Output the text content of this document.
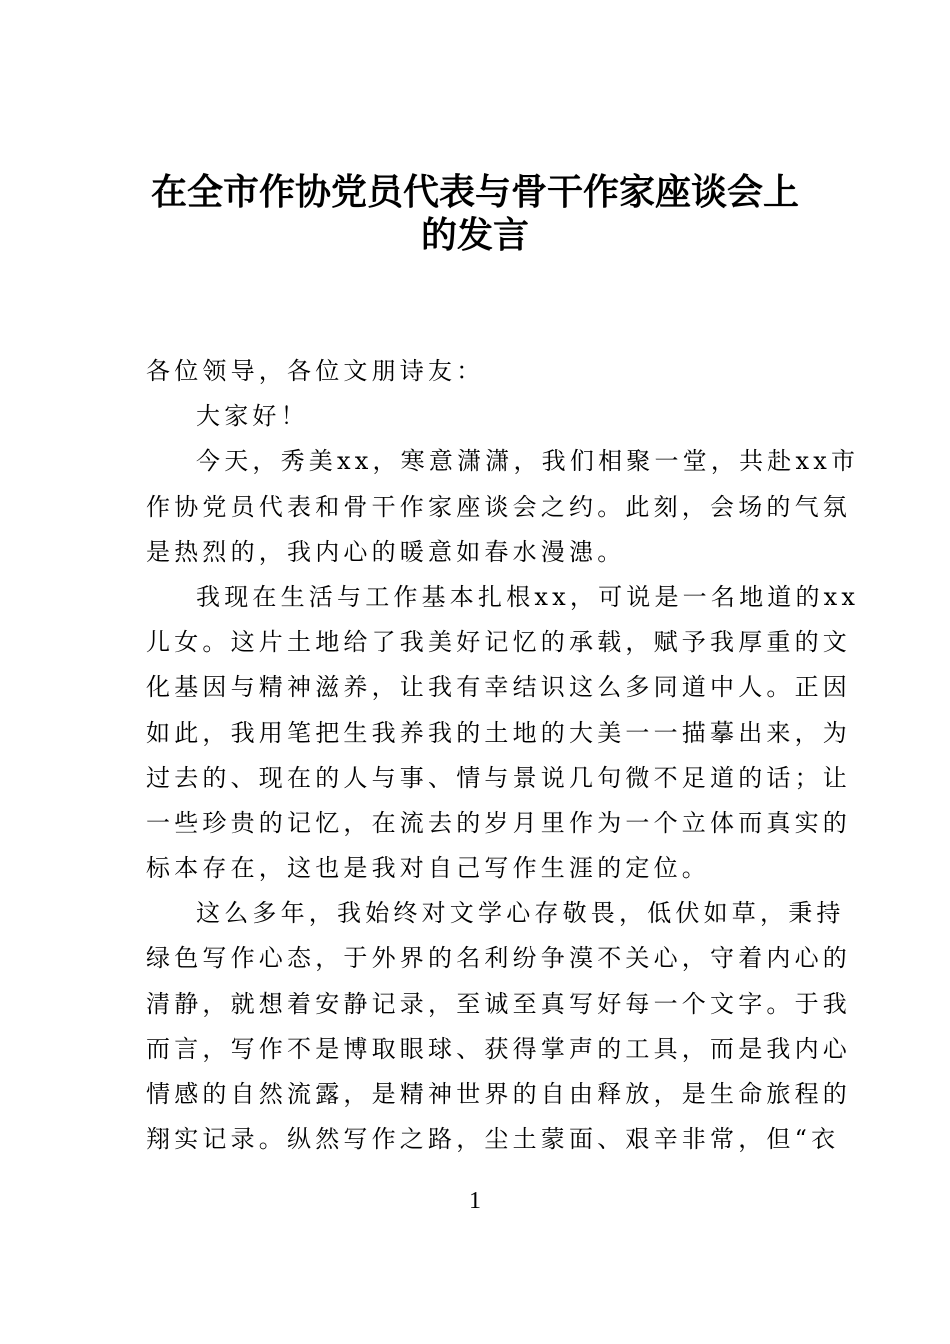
在全市作协党员代表与骨干作家座谈会上
的发言
各位领导，各位文朋诗友：
大家好！
今天，秀美xx，寒意潇潇，我们相聚一堂，共赴xx市
作协党员代表和骨干作家座谈会之约。此刻，会场的气氛
是热烈的，我内心的暖意如春水漫漶。
我现在生活与工作基本扎根xx，可说是一名地道的xx
儿女。这片土地给了我美好记忆的承载，赋予我厚重的文
化基因与精神滋养，让我有幸结识这么多同道中人。正因
如此，我用笔把生我养我的土地的大美一一描摹出来，为
过去的、现在的人与事、情与景说几句微不足道的话；让
一些珍贵的记忆，在流去的岁月里作为一个立体而真实的
标本存在，这也是我对自己写作生涯的定位。
这么多年，我始终对文学心存敬畏，低伏如草，秉持
绿色写作心态，于外界的名利纷争漠不关心，守着内心的
清静，就想着安静记录，至诚至真写好每一个文字。于我
而言，写作不是博取眼球、获得掌声的工具，而是我内心
情感的自然流露，是精神世界的自由释放，是生命旅程的
翔实记录。纵然写作之路，尘土蒙面、艰辛非常，但“衣
1
